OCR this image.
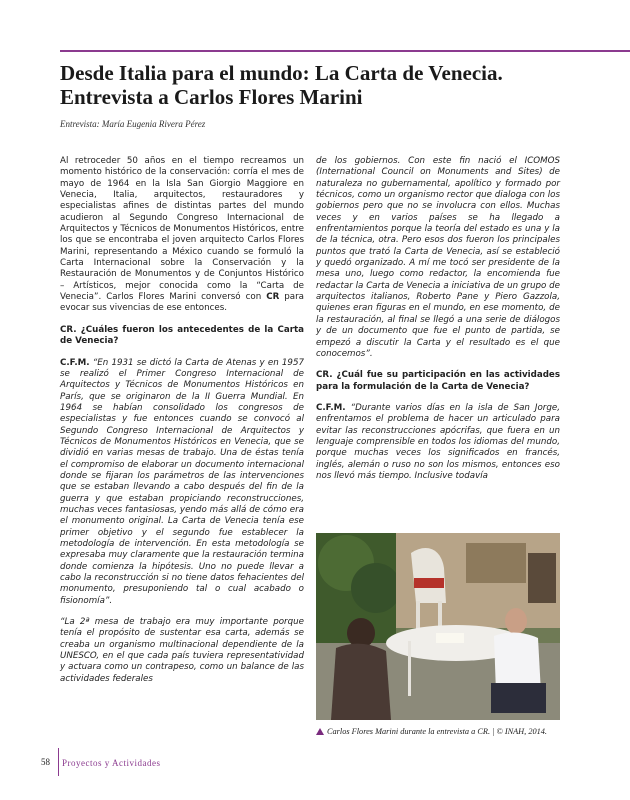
Desde Italia para el mundo: La Carta de Venecia.
Entrevista a Carlos Flores Marini
Entrevista: María Eugenia Rivera Pérez

Al retroceder 50 años en el tiempo recreamos un momento histórico de la conservación: corría el mes de mayo de 1964 en la Isla San Giorgio Maggiore en Venecia, Italia, arquitectos, restauradores y especialistas afines de distintas partes del mundo acudieron al Segundo Congreso Internacional de Arquitectos y Técnicos de Monumentos Históricos, entre los que se encontraba el joven arquitecto Carlos Flores Marini, representando a México cuando se formuló la Carta Internacional sobre la Conservación y la Restauración de Monumentos y de Conjuntos Histórico – Artísticos, mejor conocida como la “Carta de Venecia”. Carlos Flores Marini conversó con CR para evocar sus vivencias de ese entonces.

CR. ¿Cuáles fueron los antecedentes de la Carta de Venecia?

C.F.M. “En 1931 se dictó la Carta de Atenas y en 1957 se realizó el Primer Congreso Internacional de Arquitectos y Técnicos de Monumentos Históricos en París, que se originaron de la II Guerra Mundial. En 1964 se habían consolidado los congresos de especialistas y fue entonces cuando se convocó al Segundo Congreso Internacional de Arquitectos y Técnicos de Monumentos Históricos en Venecia, que se dividió en varias mesas de trabajo. Una de éstas tenía el compromiso de elaborar un documento internacional donde se fijaran los parámetros de las intervenciones que se estaban llevando a cabo después del fin de la guerra y que estaban propiciando reconstrucciones, muchas veces fantasiosas, yendo más allá de cómo era el monumento original. La Carta de Venecia tenía ese primer objetivo y el segundo fue establecer la metodología de intervención. En esta metodología se expresaba muy claramente que la restauración termina donde comienza la hipótesis. Uno no puede llevar a cabo la reconstrucción si no tiene datos fehacientes del monumento, presuponiendo tal o cual acabado o fisionomía”.

“La 2ª mesa de trabajo era muy importante porque tenía el propósito de sustentar esa carta, además se creaba un organismo multinacional dependiente de la UNESCO, en el que cada país tuviera representatividad y actuara como un contrapeso, como un balance de las actividades federales

de los gobiernos. Con este fin nació el ICOMOS (International Council on Monuments and Sites) de naturaleza no gubernamental, apolítico y formado por técnicos, como un organismo rector que dialoga con los gobiernos pero que no se involucra con ellos. Muchas veces y en varios países se ha llegado a enfrentamientos porque la teoría del estado es una y la de la técnica, otra. Pero esos dos fueron los principales puntos que trató la Carta de Venecia, así se estableció y quedó organizado. A mí me tocó ser presidente de la mesa uno, luego como redactor, la encomienda fue redactar la Carta de Venecia a iniciativa de un grupo de arquitectos italianos, Roberto Pane y Piero Gazzola, quienes eran figuras en el mundo, en ese momento, de la restauración, al final se llegó a una serie de diálogos y de un documento que fue el punto de partida, se empezó a discutir la Carta y el resultado es el que conocemos”.

CR. ¿Cuál fue su participación en las actividades para la formulación de la Carta de Venecia?

C.F.M. “Durante varios días en la isla de San Jorge, enfrentamos el problema de hacer un articulado para evitar las reconstrucciones apócrifas, que fuera en un lenguaje comprensible en todos los idiomas del mundo, porque muchas veces los significados en francés, inglés, alemán o ruso no son los mismos, entonces eso nos llevó más tiempo. Inclusive todavía

Carlos Flores Marini durante la entrevista a CR. | © INAH, 2014.
58 Proyectos y Actividades
